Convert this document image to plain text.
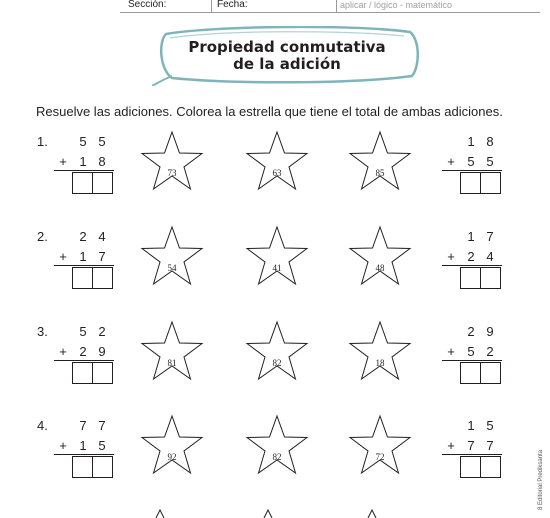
Sección:	Fecha:	aplicar / lógico - matemático
Propiedad conmutativa
de la adición
Resuelve las adiciones. Colorea la estrella que tiene el total de ambas adiciones.
1. 5 5
+ 1 8
73	63	85
1 8
+ 5 5
2. 2 4
+ 1 7
54	41	48
1 7
+ 2 4
3. 5 2
+ 2 9
81	82	18
2 9
+ 5 2
4. 7 7
+ 1 5
92	82	72
1 5
+ 7 7
8 Editorial Prediksanta
